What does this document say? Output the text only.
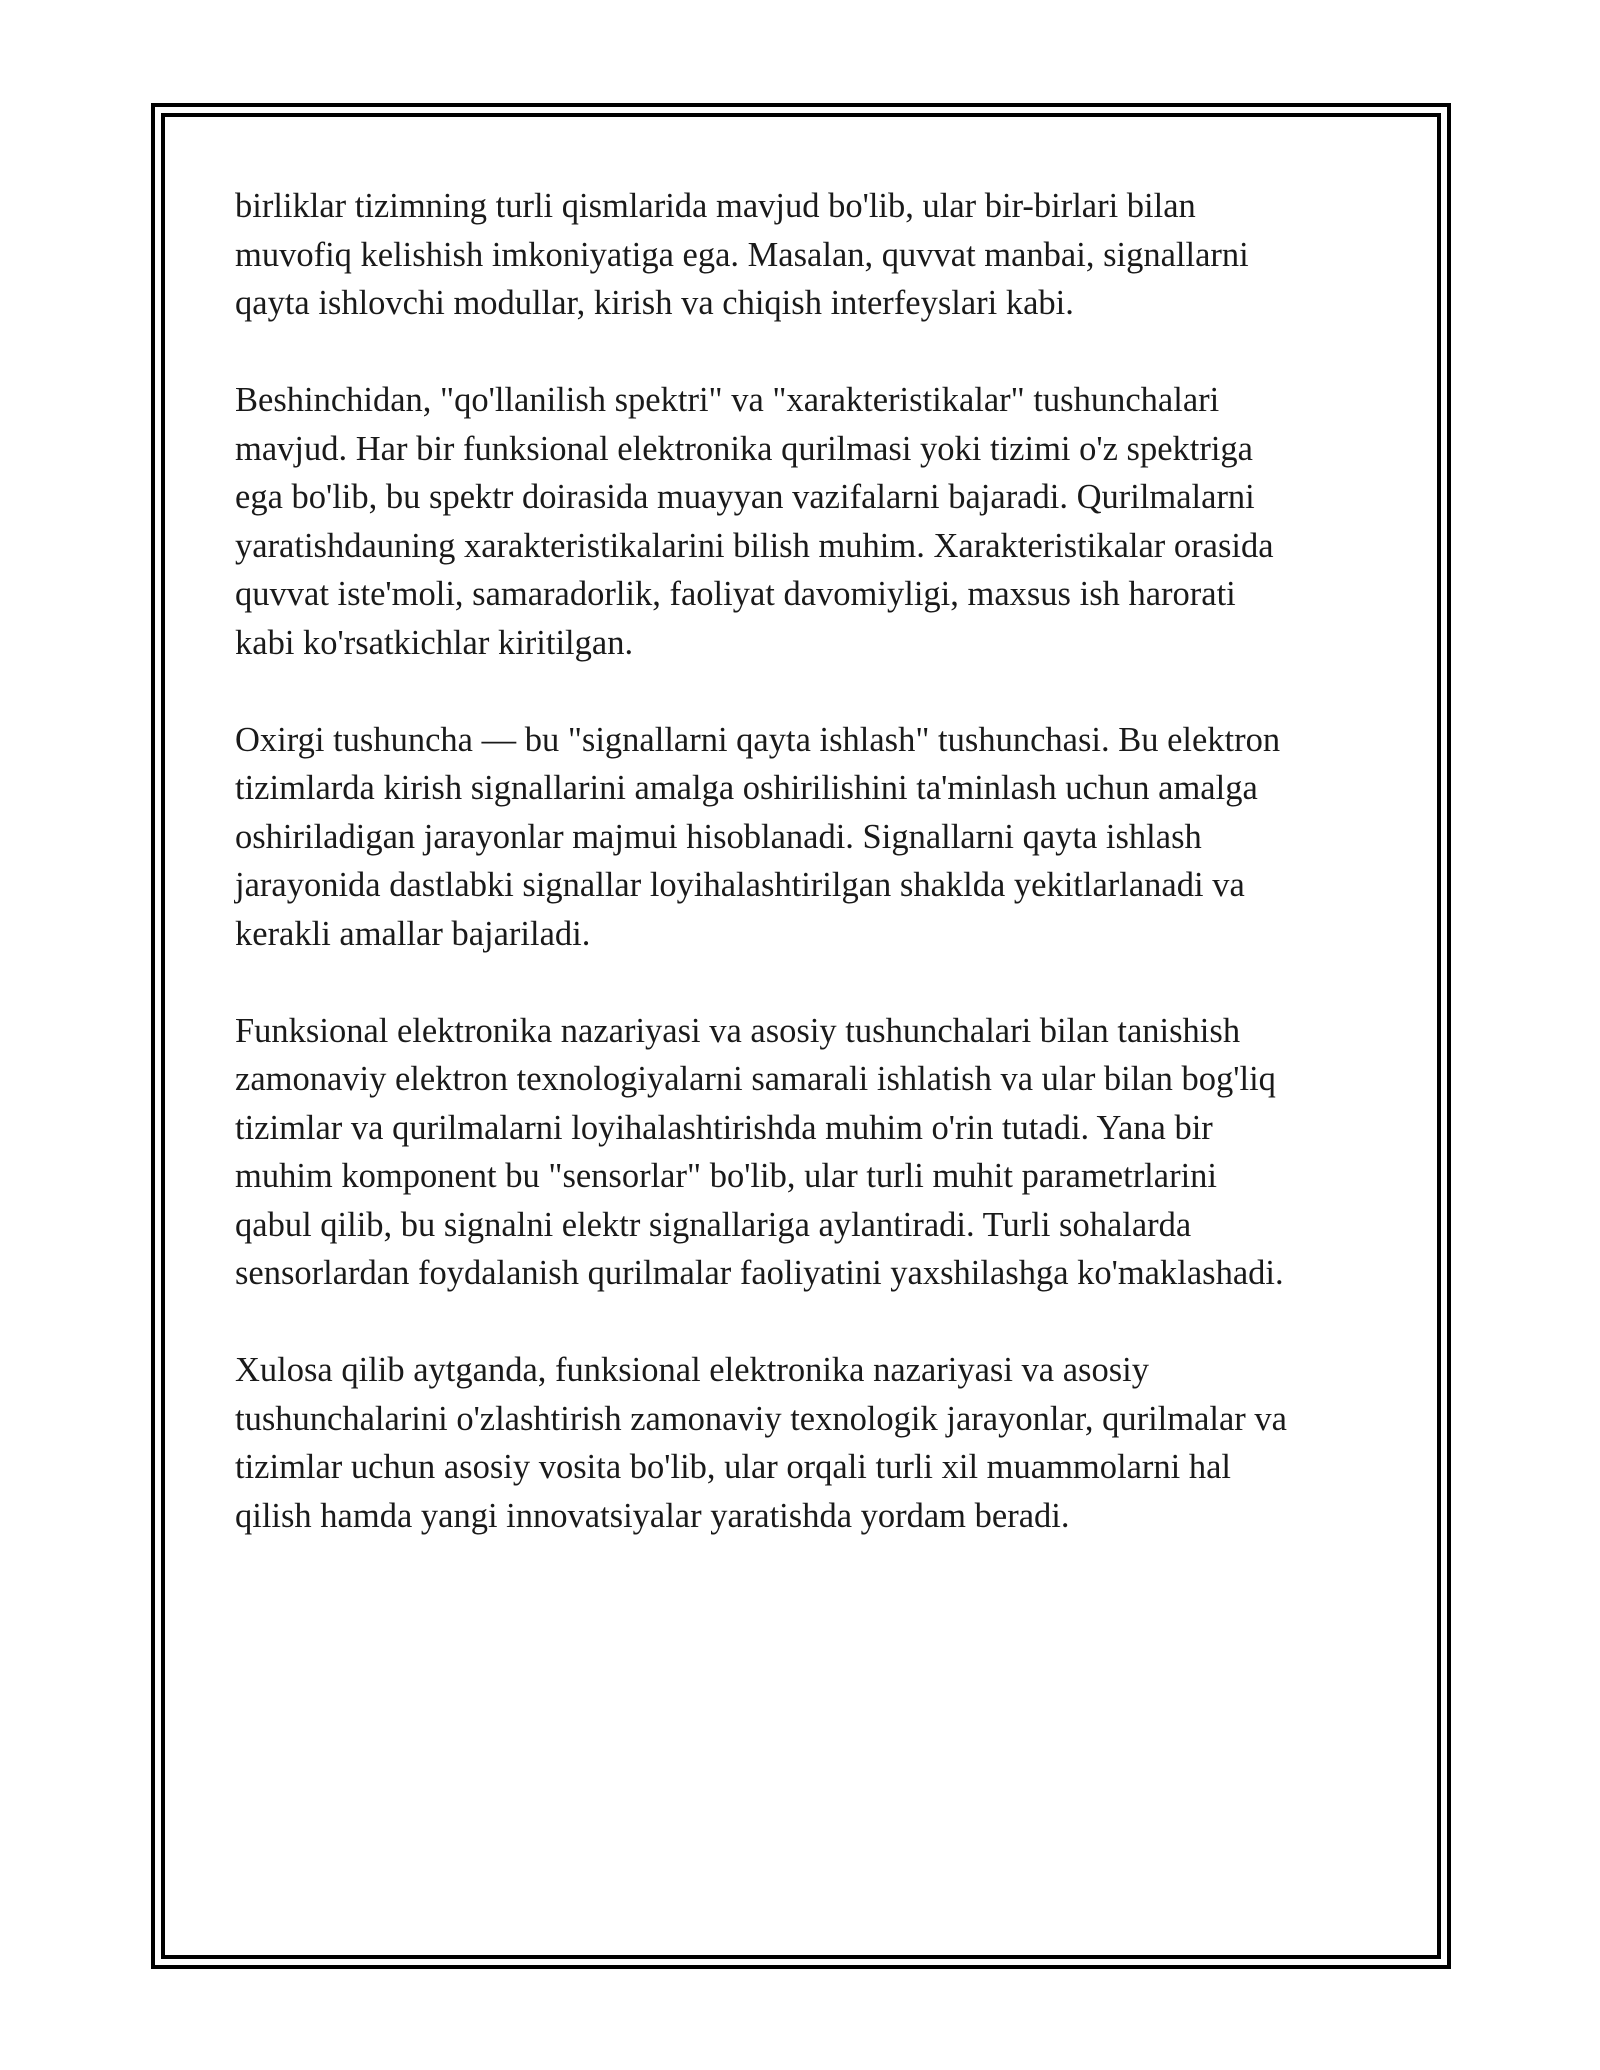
birliklar tizimning turli qismlarida mavjud bo'lib, ular bir-birlari bilan
muvofiq kelishish imkoniyatiga ega. Masalan, quvvat manbai, signallarni
qayta ishlovchi modullar, kirish va chiqish interfeyslari kabi.

Beshinchidan, "qo'llanilish spektri" va "xarakteristikalar" tushunchalari
mavjud. Har bir funksional elektronika qurilmasi yoki tizimi o'z spektriga
ega bo'lib, bu spektr doirasida muayyan vazifalarni bajaradi. Qurilmalarni
yaratishdauning xarakteristikalarini bilish muhim. Xarakteristikalar orasida
quvvat iste'moli, samaradorlik, faoliyat davomiyligi, maxsus ish harorati
kabi ko'rsatkichlar kiritilgan.

Oxirgi tushuncha — bu "signallarni qayta ishlash" tushunchasi. Bu elektron
tizimlarda kirish signallarini amalga oshirilishini ta'minlash uchun amalga
oshiriladigan jarayonlar majmui hisoblanadi. Signallarni qayta ishlash
jarayonida dastlabki signallar loyihalashtirilgan shakldа yekitlarlanadi va
kerakli amallar bajariladi.

Funksional elektronika nazariyasi va asosiy tushunchalari bilan tanishish
zamonaviy elektron texnologiyalarni samarali ishlatish va ular bilan bog'liq
tizimlar va qurilmalarni loyihalashtirishda muhim o'rin tutadi. Yana bir
muhim komponent bu "sensorlar" bo'lib, ular turli muhit parametrlarini
qabul qilib, bu signalni elektr signallariga aylantiradi. Turli sohalarda
sensorlardan foydalanish qurilmalar faoliyatini yaxshilashga ko'maklashadi.

Xulosa qilib aytganda, funksional elektronika nazariyasi va asosiy
tushunchalarini o'zlashtirish zamonaviy texnologik jarayonlar, qurilmalar va
tizimlar uchun asosiy vosita bo'lib, ular orqali turli xil muammolarni hal
qilish hamda yangi innovatsiyalar yaratishda yordam beradi.
